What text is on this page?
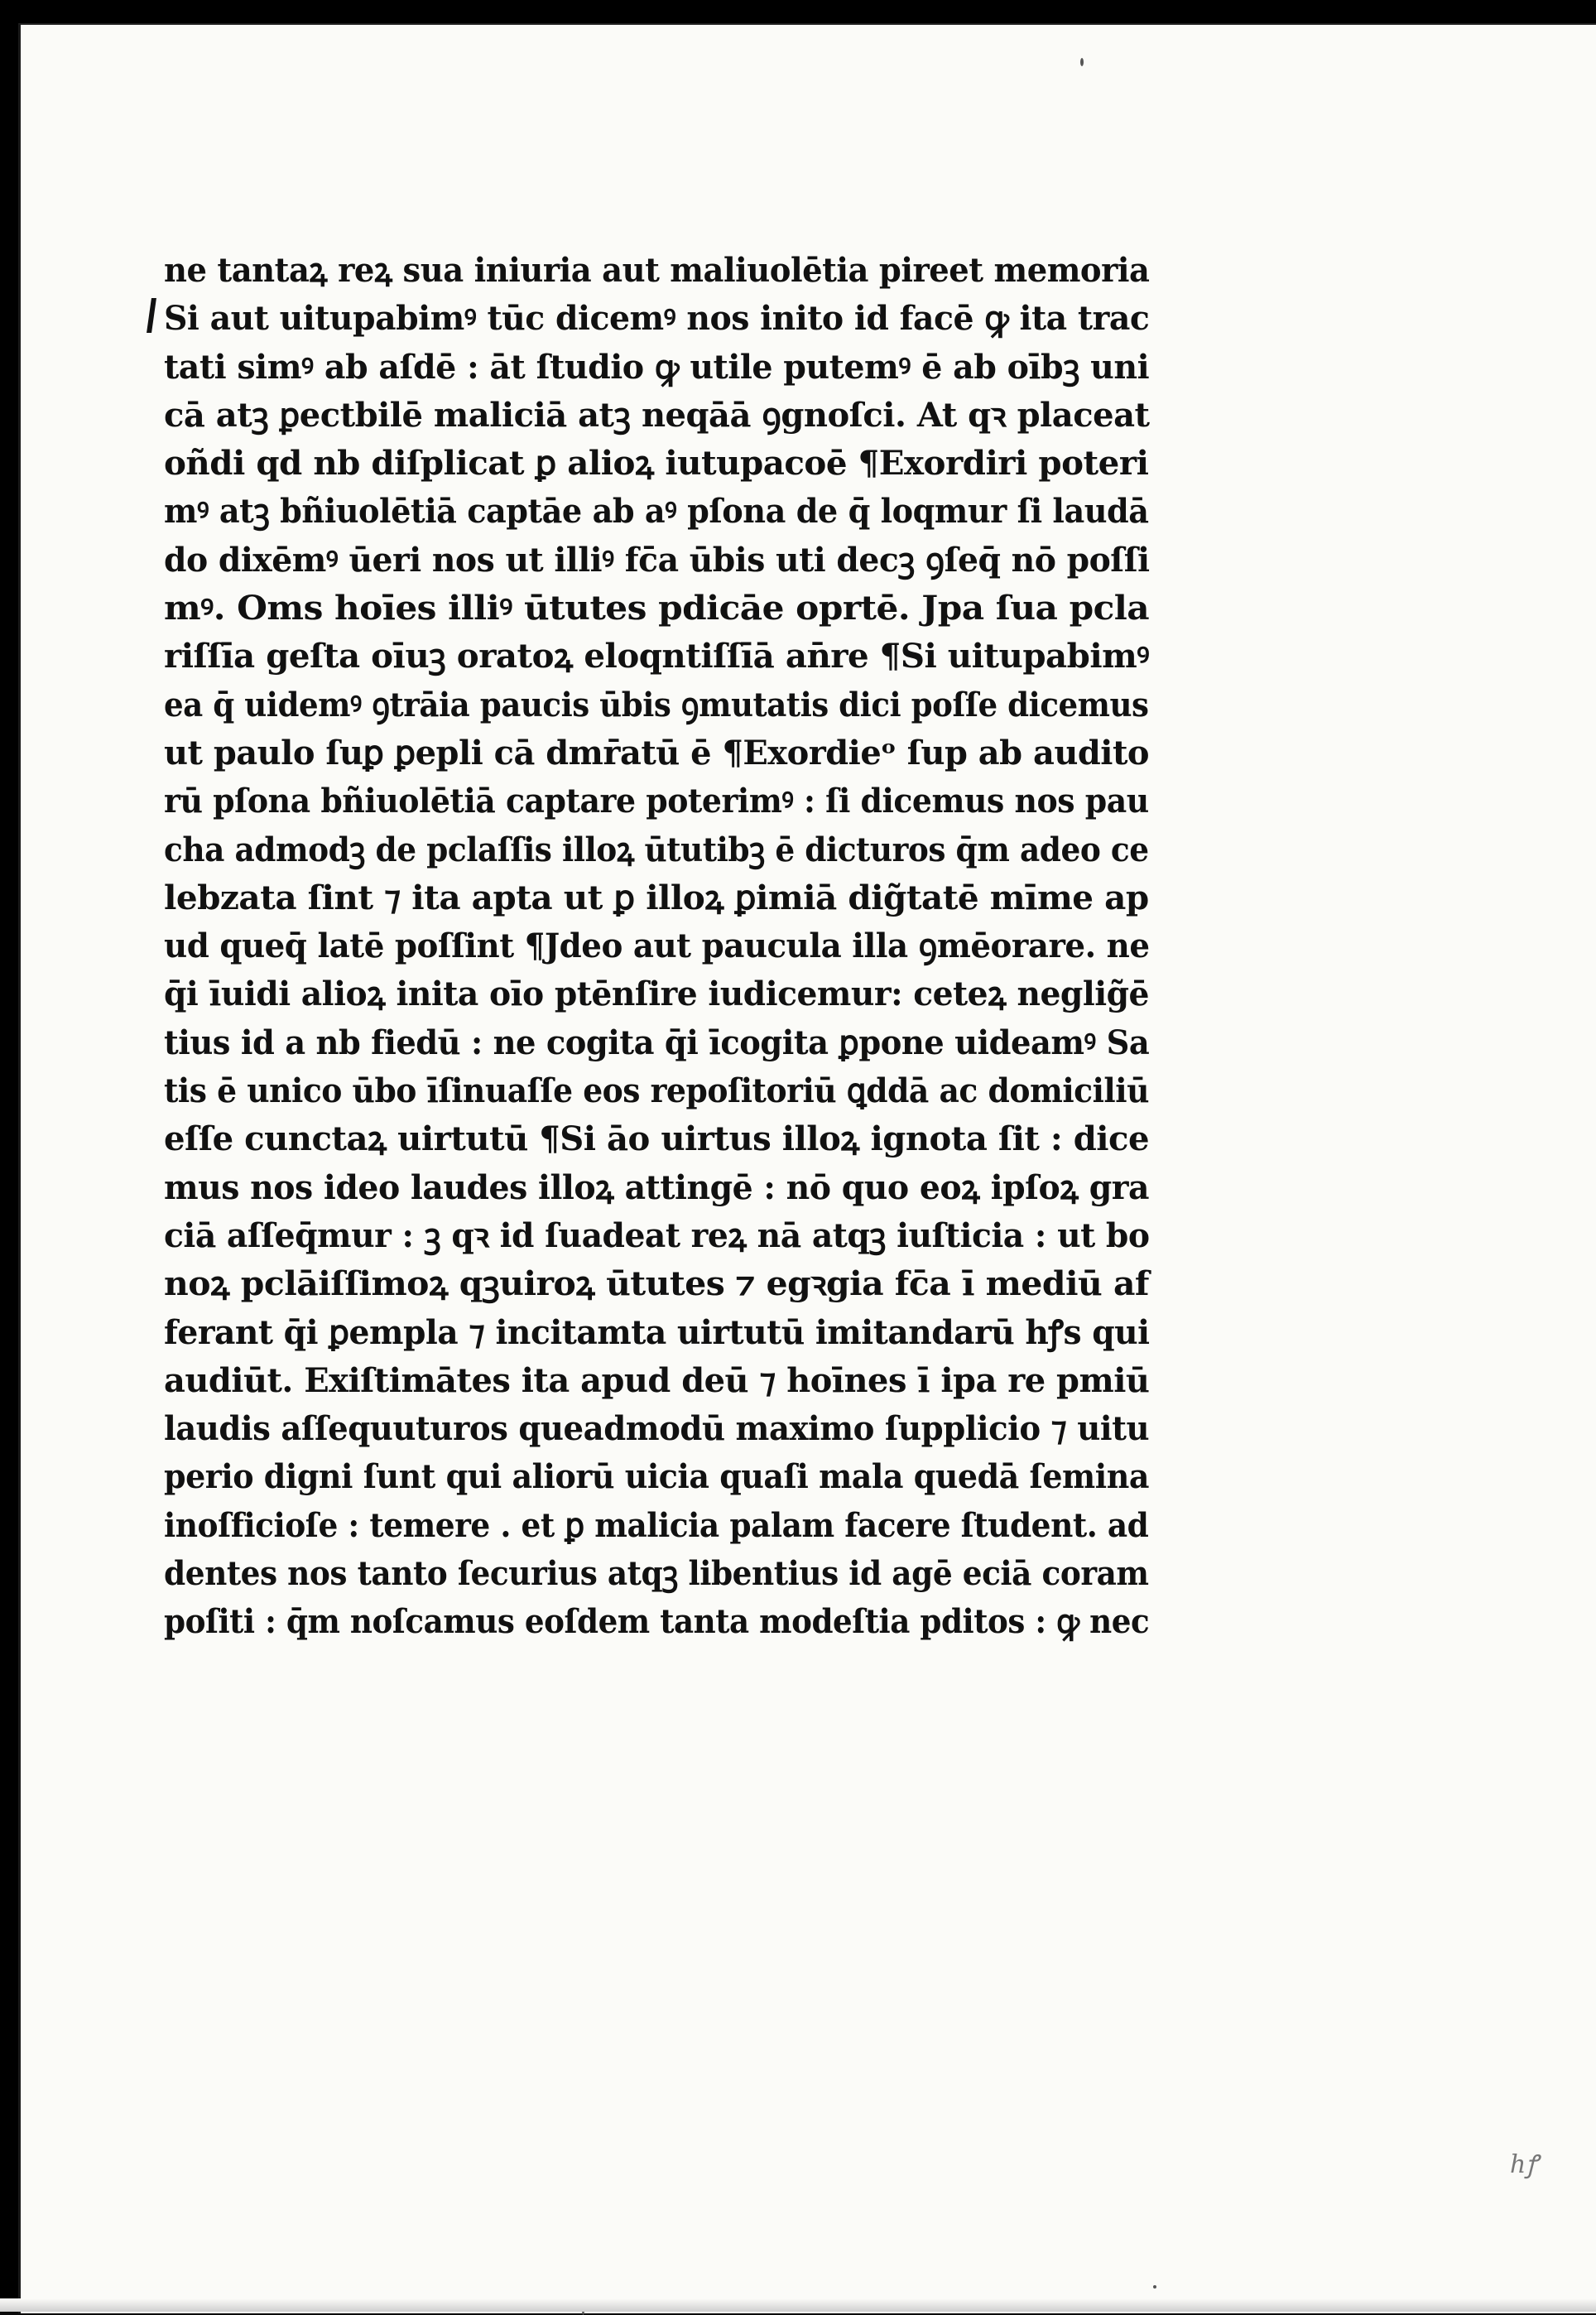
ne tantaꝝ reꝝ sua iniuria aut maliuolētia pireet memoria
Si aut uitupabimꝰ tūc dicemꝰ nos inito id facē ꝙ ita trac
tati simꝰ ab aſdē : āt ſtudio ꝙ utile putemꝰ ē ab oībꝫ uni
cā atꝫ ꝑectbilē maliciā atꝫ neqāā ꝯgnoſci. At qꝛ placeat
oñdi qd nb diſplicat ꝑ alioꝝ iutupacoē ¶Exordiri poteri
mꝰ atꝫ bñiuolētiā captāe ab aꝰ pſona de q̄ loqmur ſi laudā
do dixēmꝰ ūeri nos ut illiꝰ fc̄a ūbis uti decꝫ ꝯſeq̄ nō poſſi
mꝰ. Oms hoīes illiꝰ ūtutes pdicāe oprtē. Jpa ſua pcla
riſſīa geſta oīuꝫ oratoꝝ eloqntiſſīā an̄re ¶Si uitupabimꝰ
ea q̄ uidemꝰ ꝯtrāia paucis ūbis ꝯmutatis dici poſſe dicemus
ut paulo ſuꝑ ꝑepli cā dmr̄atū ē ¶Exordieᵒ ſup ab audito
rū pſona bñiuolētiā captare poterimꝰ : ſi dicemus nos pau
cha admodꝫ de pclaſſis illoꝝ ūtutibꝫ ē dicturos q̄m adeo ce
lebzata ſint ⁊ ita apta ut ꝑ illoꝝ ꝑimiā dig̃tatē mīme ap
ud queq̄ latē poſſint ¶Jdeo aut paucula illa ꝯmēorare. ne
q̄i īuidi alioꝝ inita oīo ptēnſire iudicemur: ceteꝝ neglig̃ē
tius id a nb fiedū : ne cogita q̄i īcogita ꝑpone uideamꝰ Sa
tis ē unico ūbo īſinuaſſe eos repoſitoriū ꝗddā ac domiciliū
eſſe cunctaꝝ uirtutū ¶Si āo uirtus illoꝝ ignota ſit : dice
mus nos ideo laudes illoꝝ attingē : nō quo eoꝝ ipſoꝝ gra
ciā aſſeq̄mur : ꝫ qꝛ id ſuadeat reꝝ nā atqꝫ iuſticia : ut bo
noꝝ pclāiſſimoꝝ qꝫuiroꝝ ūtutes ⁊ egꝛgia fc̄a ī mediū af
ferant q̄i ꝑempla ⁊ incitamta uirtutū imitandarū hꝭs qui
audiūt. Exiſtimātes ita apud deū ⁊ hoīnes ī ipa re pmiū
laudis aſſequuturos queadmodū maximo ſupplicio ⁊ uitu
perio digni ſunt qui aliorū uicia quaſi mala quedā ſemina
inoſficioſe : temere . et ꝑ malicia palam facere ſtudent. ad
dentes nos tanto ſecurius atqꝫ libentius id agē eciā coram
poſiti : q̄m noſcamus eoſdem tanta modeſtia pditos : ꝙ nec
hꝭ
